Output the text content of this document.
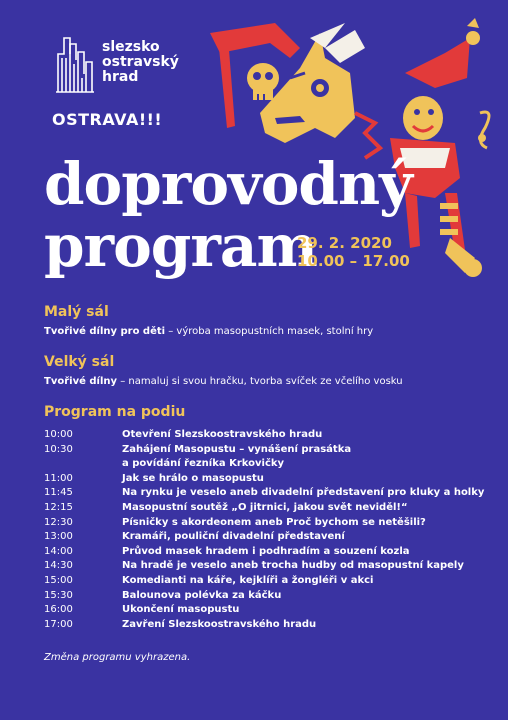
slezsko
ostravský
hrad
OSTRAVA!!!
doprovodný
program
29. 2. 2020
10.00 – 17.00
Malý sál
Tvořivé dílny pro děti – výroba masopustních masek, stolní hry
Velký sál
Tvořivé dílny – namaluj si svou hračku, tvorba svíček ze včelího vosku
Program na podiu
10:00	Otevření Slezskoostravského hradu
10:30	Zahájení Masopustu – vynášení prasátka
a povídání řezníka Krkovičky
11:00	Jak se hrálo o masopustu
11:45	Na rynku je veselo aneb divadelní představení pro kluky a holky
12:15	Masopustní soutěž „O jitrnici, jakou svět neviděl!“
12:30	Písničky s akordeonem aneb Proč bychom se netěšili?
13:00	Kramáři, pouliční divadelní představení
14:00	Průvod masek hradem i podhradím a souzení kozla
14:30	Na hradě je veselo aneb trocha hudby od masopustní kapely
15:00	Komedianti na káře, kejklíři a žongléři v akci
15:30	Balounova polévka za káčku
16:00	Ukončení masopustu
17:00	Zavření Slezskoostravského hradu
Změna programu vyhrazena.
